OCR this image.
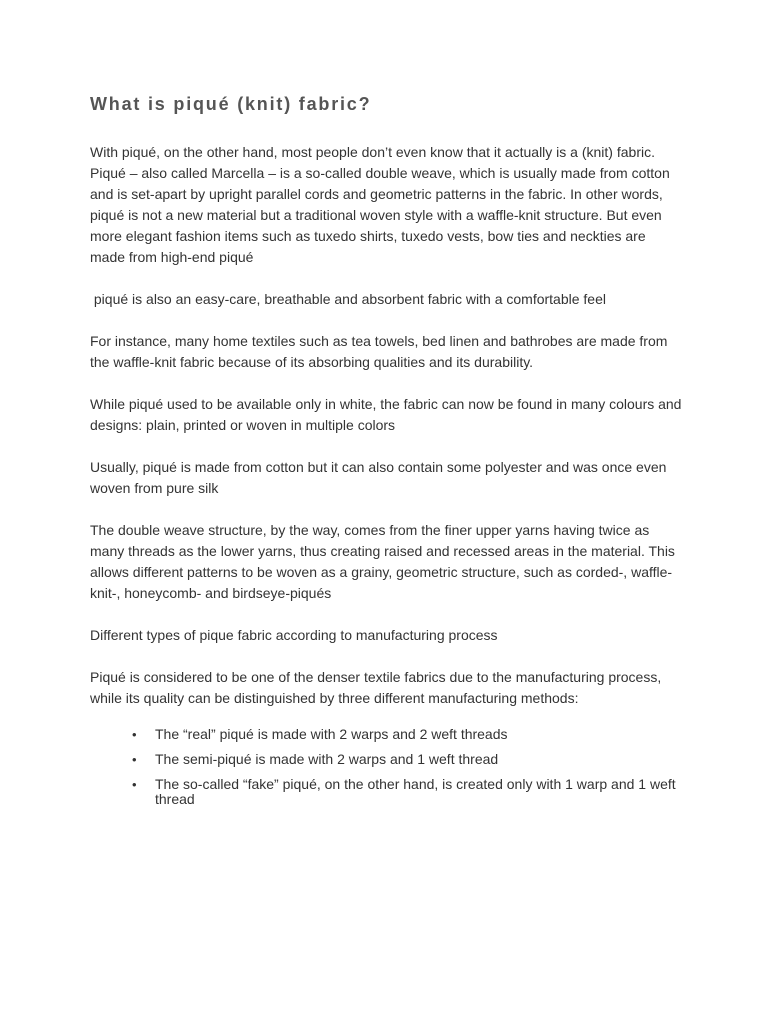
What is piqué (knit) fabric?

With piqué, on the other hand, most people don’t even know that it actually is a (knit) fabric. Piqué – also called Marcella – is a so-called double weave, which is usually made from cotton and is set-apart by upright parallel cords and geometric patterns in the fabric. In other words, piqué is not a new material but a traditional woven style with a waffle-knit structure. But even more elegant fashion items such as tuxedo shirts, tuxedo vests, bow ties and neckties are made from high-end piqué

piqué is also an easy-care, breathable and absorbent fabric with a comfortable feel

For instance, many home textiles such as tea towels, bed linen and bathrobes are made from the waffle-knit fabric because of its absorbing qualities and its durability.

While piqué used to be available only in white, the fabric can now be found in many colours and designs: plain, printed or woven in multiple colors

Usually, piqué is made from cotton but it can also contain some polyester and was once even woven from pure silk

The double weave structure, by the way, comes from the finer upper yarns having twice as many threads as the lower yarns, thus creating raised and recessed areas in the material. This allows different patterns to be woven as a grainy, geometric structure, such as corded-, waffle-knit-, honeycomb- and birdseye-piqués

Different types of pique fabric according to manufacturing process

Piqué is considered to be one of the denser textile fabrics due to the manufacturing process, while its quality can be distinguished by three different manufacturing methods:

• The “real” piqué is made with 2 warps and 2 weft threads
• The semi-piqué is made with 2 warps and 1 weft thread
• The so-called “fake” piqué, on the other hand, is created only with 1 warp and 1 weft thread
